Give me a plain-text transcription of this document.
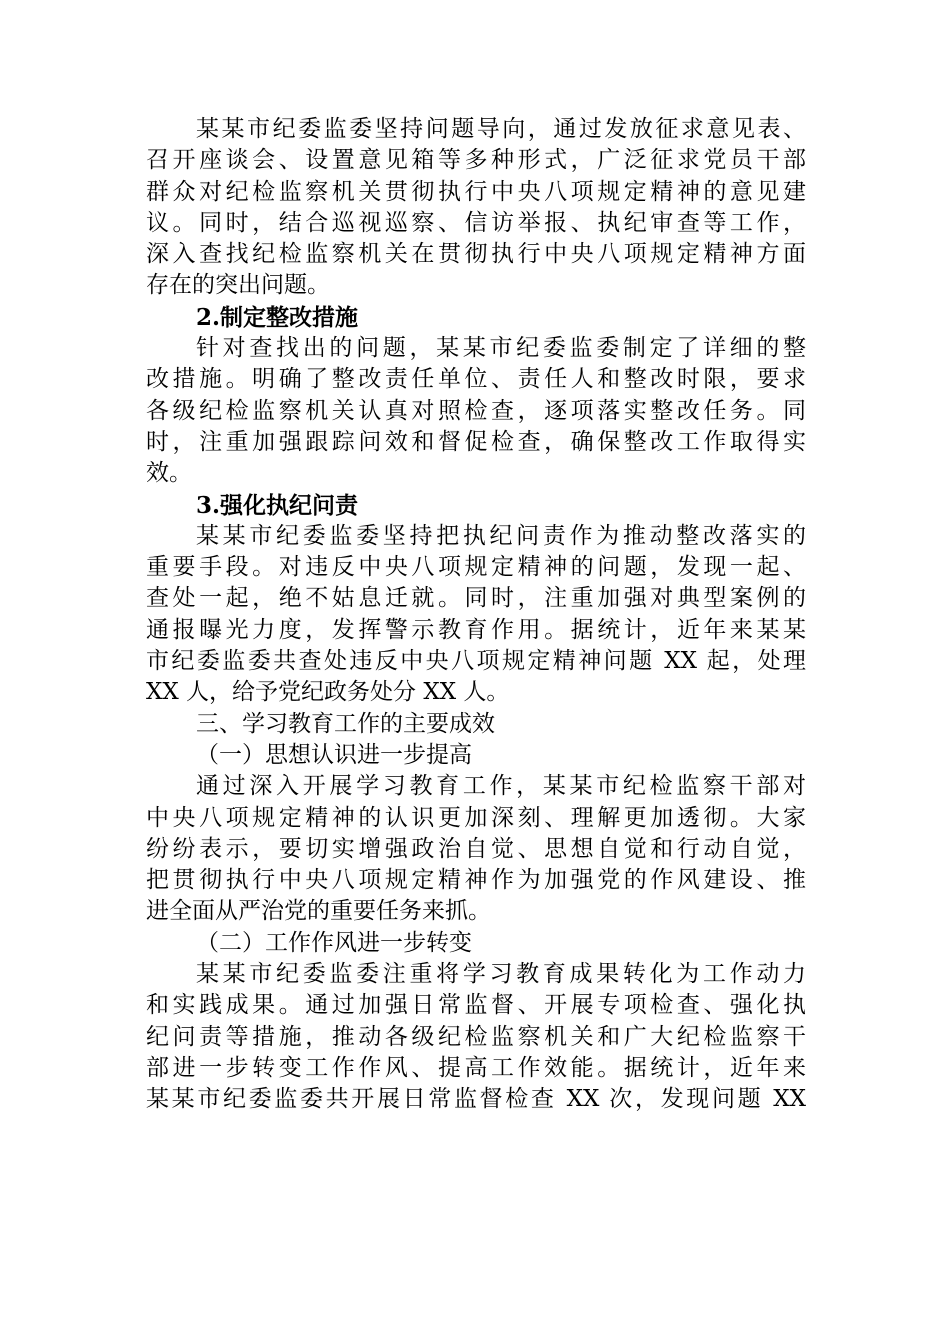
某某市纪委监委坚持问题导向，通过发放征求意见表、
召开座谈会、设置意见箱等多种形式，广泛征求党员干部
群众对纪检监察机关贯彻执行中央八项规定精神的意见建
议。同时，结合巡视巡察、信访举报、执纪审查等工作，
深入查找纪检监察机关在贯彻执行中央八项规定精神方面
存在的突出问题。
2.制定整改措施
针对查找出的问题，某某市纪委监委制定了详细的整
改措施。明确了整改责任单位、责任人和整改时限，要求
各级纪检监察机关认真对照检查，逐项落实整改任务。同
时，注重加强跟踪问效和督促检查，确保整改工作取得实
效。
3.强化执纪问责
某某市纪委监委坚持把执纪问责作为推动整改落实的
重要手段。对违反中央八项规定精神的问题，发现一起、
查处一起，绝不姑息迁就。同时，注重加强对典型案例的
通报曝光力度，发挥警示教育作用。据统计，近年来某某
市纪委监委共查处违反中央八项规定精神问题 XX 起，处理
XX 人，给予党纪政务处分 XX 人。
三、学习教育工作的主要成效
（一）思想认识进一步提高
通过深入开展学习教育工作，某某市纪检监察干部对
中央八项规定精神的认识更加深刻、理解更加透彻。大家
纷纷表示，要切实增强政治自觉、思想自觉和行动自觉，
把贯彻执行中央八项规定精神作为加强党的作风建设、推
进全面从严治党的重要任务来抓。
（二）工作作风进一步转变
某某市纪委监委注重将学习教育成果转化为工作动力
和实践成果。通过加强日常监督、开展专项检查、强化执
纪问责等措施，推动各级纪检监察机关和广大纪检监察干
部进一步转变工作作风、提高工作效能。据统计，近年来
某某市纪委监委共开展日常监督检查 XX 次，发现问题 XX
